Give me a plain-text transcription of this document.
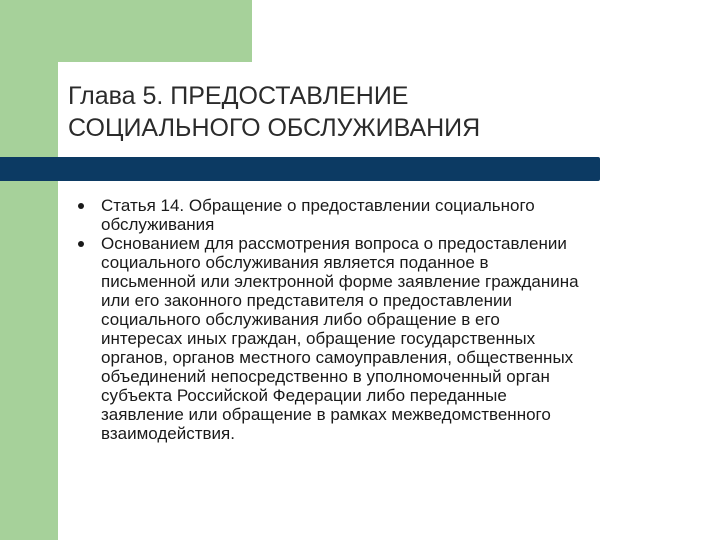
Глава 5. ПРЕДОСТАВЛЕНИЕ
СОЦИАЛЬНОГО ОБСЛУЖИВАНИЯ
Статья 14. Обращение о предоставлении социального
обслуживания
Основанием для рассмотрения вопроса о предоставлении
социального обслуживания является поданное в
письменной или электронной форме заявление гражданина
или его законного представителя о предоставлении
социального обслуживания либо обращение в его
интересах иных граждан, обращение государственных
органов, органов местного самоуправления, общественных
объединений непосредственно в уполномоченный орган
субъекта Российской Федерации либо переданные
заявление или обращение в рамках межведомственного
взаимодействия.
